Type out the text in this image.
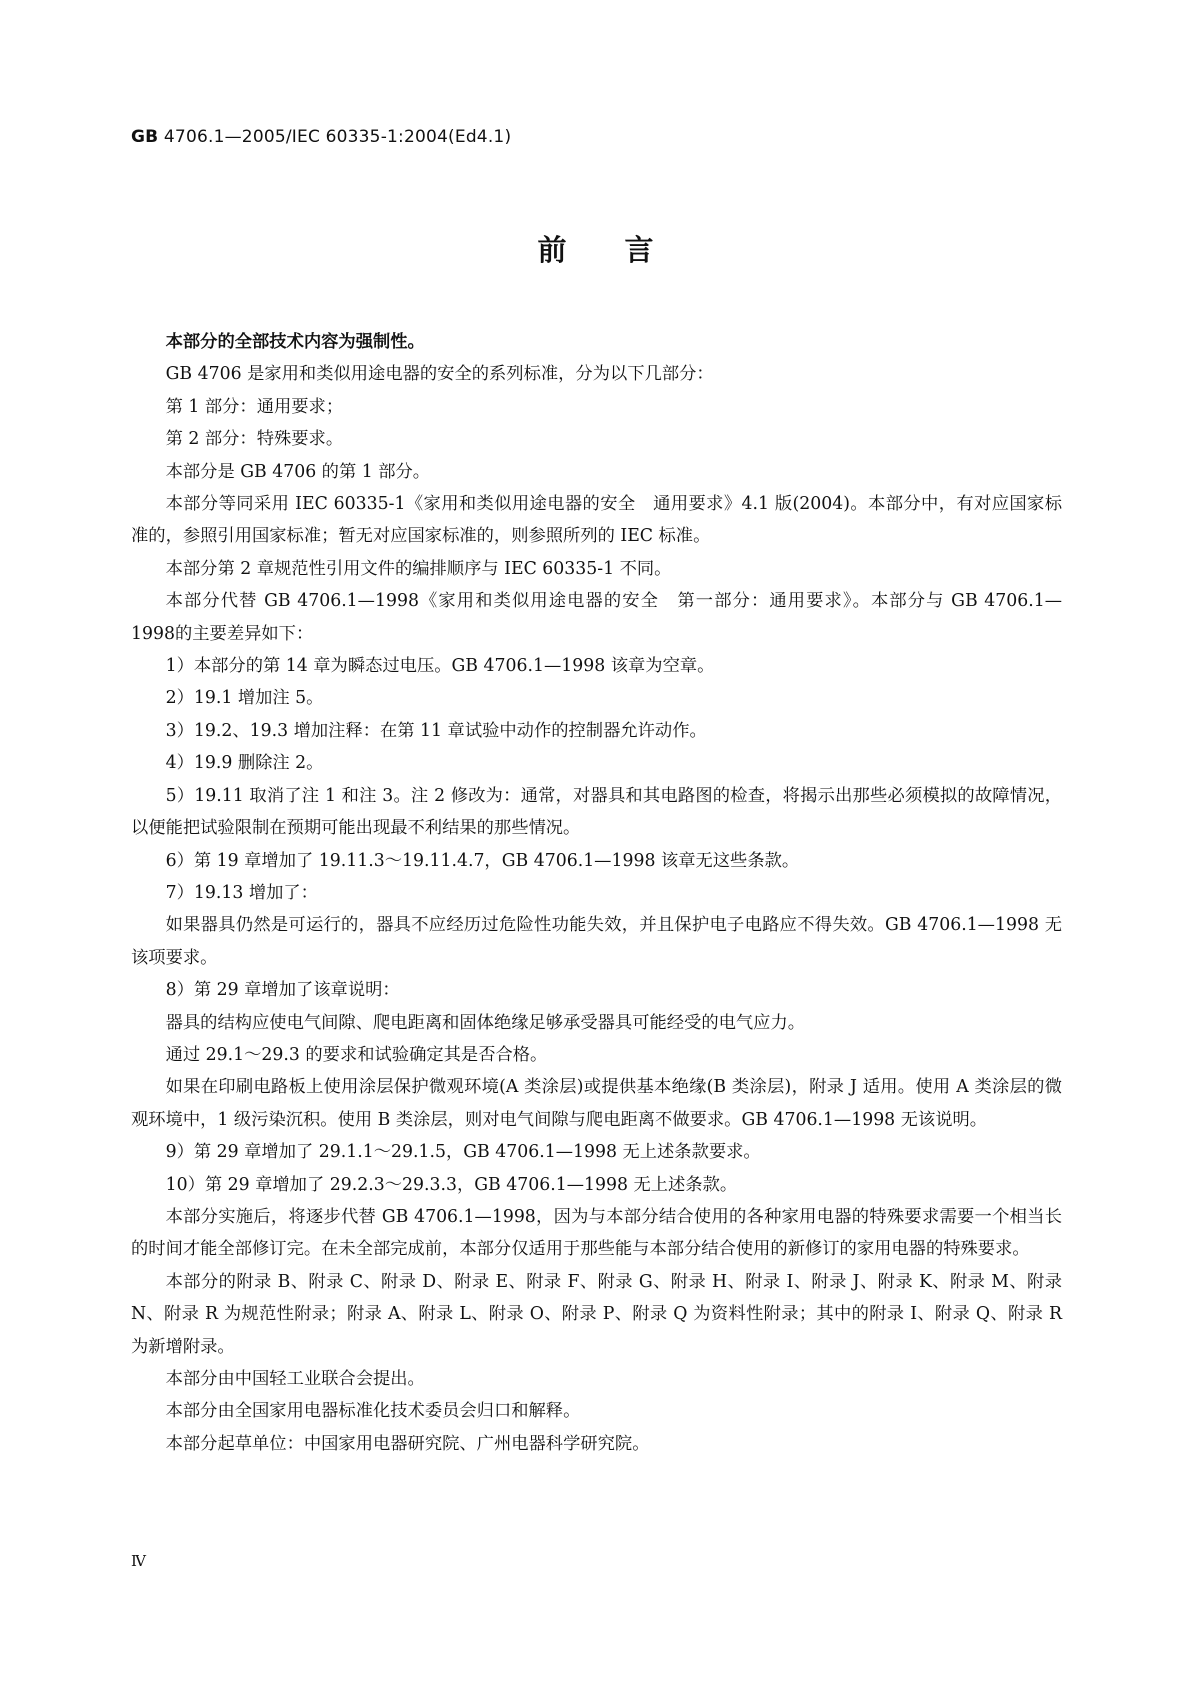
GB 4706.1—2005/IEC 60335-1:2004(Ed4.1)
前　　言

本部分的全部技术内容为强制性。

GB 4706 是家用和类似用途电器的安全的系列标准，分为以下几部分：

第 1 部分：通用要求；

第 2 部分：特殊要求。

本部分是 GB 4706 的第 1 部分。

本部分等同采用 IEC 60335-1《家用和类似用途电器的安全　通用要求》4.1 版(2004)。本部分中，有对应国家标准的，参照引用国家标准；暂无对应国家标准的，则参照所列的 IEC 标准。

本部分第 2 章规范性引用文件的编排顺序与 IEC 60335-1 不同。

本部分代替 GB 4706.1—1998《家用和类似用途电器的安全　第一部分：通用要求》。本部分与 GB 4706.1—1998的主要差异如下：

1）本部分的第 14 章为瞬态过电压。GB 4706.1—1998 该章为空章。

2）19.1 增加注 5。

3）19.2、19.3 增加注释：在第 11 章试验中动作的控制器允许动作。

4）19.9 删除注 2。

5）19.11 取消了注 1 和注 3。注 2 修改为：通常，对器具和其电路图的检查，将揭示出那些必须模拟的故障情况，以便能把试验限制在预期可能出现最不利结果的那些情况。

6）第 19 章增加了 19.11.3～19.11.4.7，GB 4706.1—1998 该章无这些条款。

7）19.13 增加了：

如果器具仍然是可运行的，器具不应经历过危险性功能失效，并且保护电子电路应不得失效。GB 4706.1—1998 无该项要求。

8）第 29 章增加了该章说明：

器具的结构应使电气间隙、爬电距离和固体绝缘足够承受器具可能经受的电气应力。

通过 29.1～29.3 的要求和试验确定其是否合格。

如果在印刷电路板上使用涂层保护微观环境(A 类涂层)或提供基本绝缘(B 类涂层)，附录 J 适用。使用 A 类涂层的微观环境中，1 级污染沉积。使用 B 类涂层，则对电气间隙与爬电距离不做要求。GB 4706.1—1998 无该说明。

9）第 29 章增加了 29.1.1～29.1.5，GB 4706.1—1998 无上述条款要求。

10）第 29 章增加了 29.2.3～29.3.3，GB 4706.1—1998 无上述条款。

本部分实施后，将逐步代替 GB 4706.1—1998，因为与本部分结合使用的各种家用电器的特殊要求需要一个相当长的时间才能全部修订完。在未全部完成前，本部分仅适用于那些能与本部分结合使用的新修订的家用电器的特殊要求。

本部分的附录 B、附录 C、附录 D、附录 E、附录 F、附录 G、附录 H、附录 I、附录 J、附录 K、附录 M、附录 N、附录 R 为规范性附录；附录 A、附录 L、附录 O、附录 P、附录 Q 为资料性附录；其中的附录 I、附录 Q、附录 R 为新增附录。

本部分由中国轻工业联合会提出。

本部分由全国家用电器标准化技术委员会归口和解释。

本部分起草单位：中国家用电器研究院、广州电器科学研究院。

Ⅳ
